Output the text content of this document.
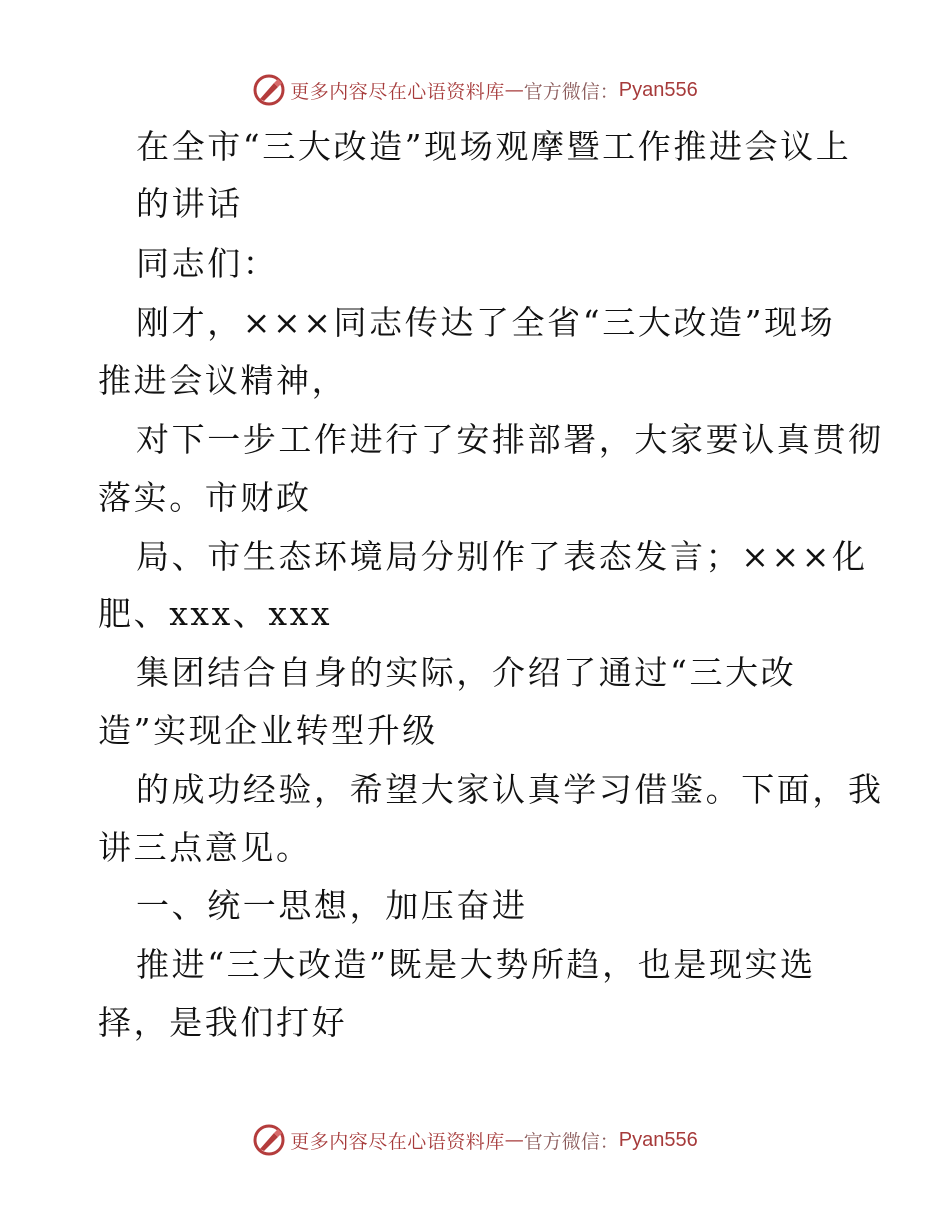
更多内容尽在心语资料库 — 官方微信： Pyan556
在全市“三大改造”现场观摩暨工作推进会议上
的讲话
同志们：
刚才，×××同志传达了全省“三大改造”现场
推进会议精神，
对下一步工作进行了安排部署，大家要认真贯彻
落实。市财政
局、市生态环境局分别作了表态发言；×××化
肥、xxx、xxx
集团结合自身的实际，介绍了通过“三大改
造”实现企业转型升级
的成功经验，希望大家认真学习借鉴。下面，我
讲三点意见。
一、统一思想，加压奋进
推进“三大改造”既是大势所趋，也是现实选
择，是我们打好
更多内容尽在心语资料库 — 官方微信： Pyan556
